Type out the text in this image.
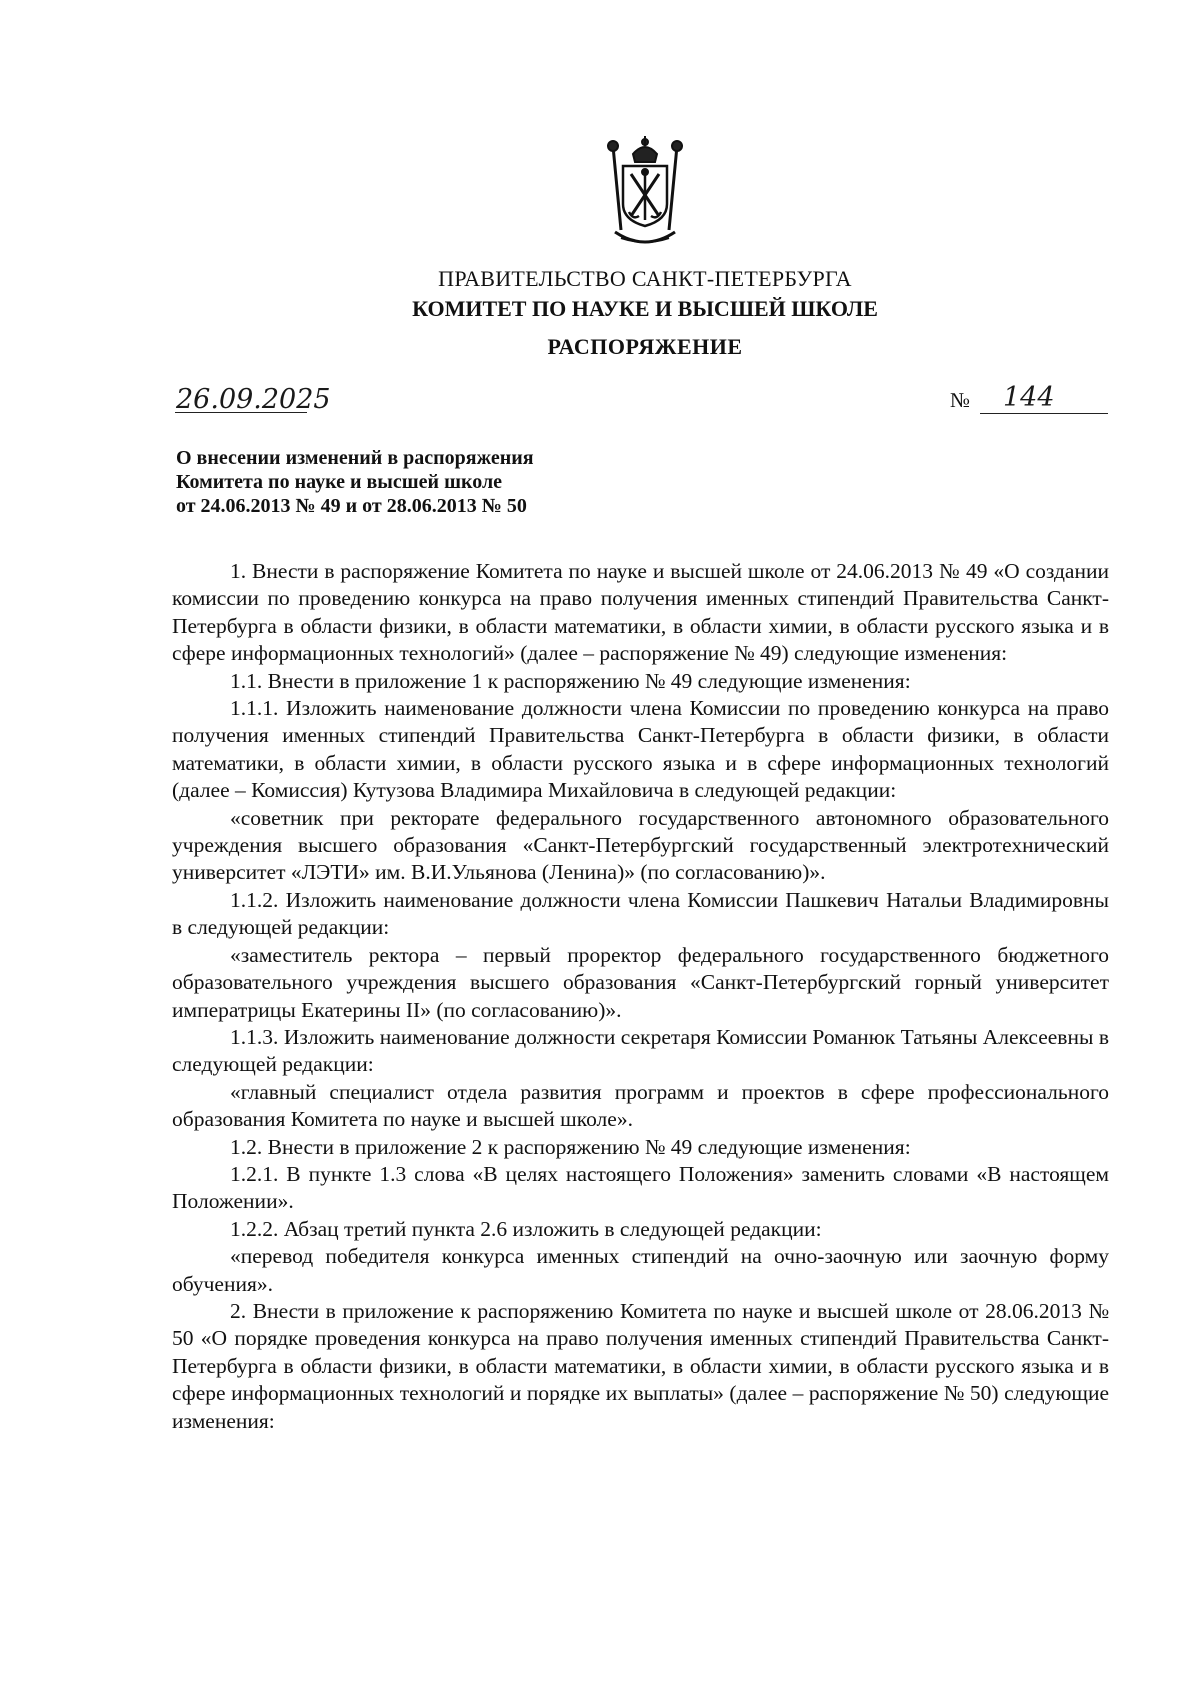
ПРАВИТЕЛЬСТВО САНКТ-ПЕТЕРБУРГА
КОМИТЕТ ПО НАУКЕ И ВЫСШЕЙ ШКОЛЕ
РАСПОРЯЖЕНИЕ
26.09.2025	№ 144
О внесении изменений в распоряжения
Комитета по науке и высшей школе
от 24.06.2013 № 49 и от 28.06.2013 № 50

1. Внести в распоряжение Комитета по науке и высшей школе от 24.06.2013 № 49 «О создании комиссии по проведению конкурса на право получения именных стипендий Правительства Санкт-Петербурга в области физики, в области математики, в области химии, в области русского языка и в сфере информационных технологий» (далее – распоряжение № 49) следующие изменения:

1.1. Внести в приложение 1 к распоряжению № 49 следующие изменения:

1.1.1. Изложить наименование должности члена Комиссии по проведению конкурса на право получения именных стипендий Правительства Санкт-Петербурга в области физики, в области математики, в области химии, в области русского языка и в сфере информационных технологий (далее – Комиссия) Кутузова Владимира Михайловича в следующей редакции:

«советник при ректорате федерального государственного автономного образовательного учреждения высшего образования «Санкт-Петербургский государственный электротехнический университет «ЛЭТИ» им. В.И.Ульянова (Ленина)» (по согласованию)».

1.1.2. Изложить наименование должности члена Комиссии Пашкевич Натальи Владимировны в следующей редакции:

«заместитель ректора – первый проректор федерального государственного бюджетного образовательного учреждения высшего образования «Санкт-Петербургский горный университет императрицы Екатерины II» (по согласованию)».

1.1.3. Изложить наименование должности секретаря Комиссии Романюк Татьяны Алексеевны в следующей редакции:

«главный специалист отдела развития программ и проектов в сфере профессионального образования Комитета по науке и высшей школе».

1.2. Внести в приложение 2 к распоряжению № 49 следующие изменения:

1.2.1. В пункте 1.3 слова «В целях настоящего Положения» заменить словами «В настоящем Положении».

1.2.2. Абзац третий пункта 2.6 изложить в следующей редакции:

«перевод победителя конкурса именных стипендий на очно-заочную или заочную форму обучения».

2. Внести в приложение к распоряжению Комитета по науке и высшей школе от 28.06.2013 № 50 «О порядке проведения конкурса на право получения именных стипендий Правительства Санкт-Петербурга в области физики, в области математики, в области химии, в области русского языка и в сфере информационных технологий и порядке их выплаты» (далее – распоряжение № 50) следующие изменения:
